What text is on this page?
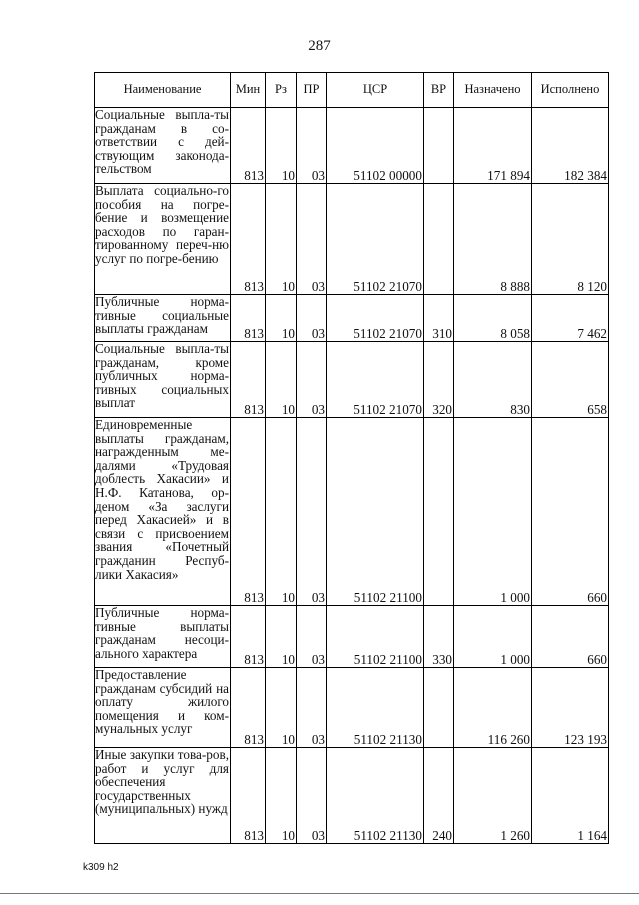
287
Наименование	Мин	Рз	ПР	ЦСР	ВР	Назначено	Исполнено
Социальные выпла-ты гражданам в со-ответствии с дей-ствующим законода-тельством	813	10	03	51102 00000		171 894	182 384
Выплата социально-го пособия на погре-бение и возмещение расходов по гаран-тированному переч-ню услуг по погре-бению	813	10	03	51102 21070		8 888	8 120
Публичные норма-тивные социальные выплаты гражданам	813	10	03	51102 21070	310	8 058	7 462
Социальные выпла-ты гражданам, кроме публичных норма-тивных социальных выплат	813	10	03	51102 21070	320	830	658
Единовременные выплаты гражданам, награжденным ме-далями «Трудовая доблесть Хакасии» и Н.Ф. Катанова, ор-деном «За заслуги перед Хакасией» и в связи с присвоением звания «Почетный гражданин Респуб-лики Хакасия»	813	10	03	51102 21100		1 000	660
Публичные норма-тивные выплаты гражданам несоци-ального характера	813	10	03	51102 21100	330	1 000	660
Предоставление гражданам субсидий на оплату жилого помещения и ком-мунальных услуг	813	10	03	51102 21130		116 260	123 193
Иные закупки това-ров, работ и услуг для обеспечения государственных (муниципальных) нужд	813	10	03	51102 21130	240	1 260	1 164
k309 h2
